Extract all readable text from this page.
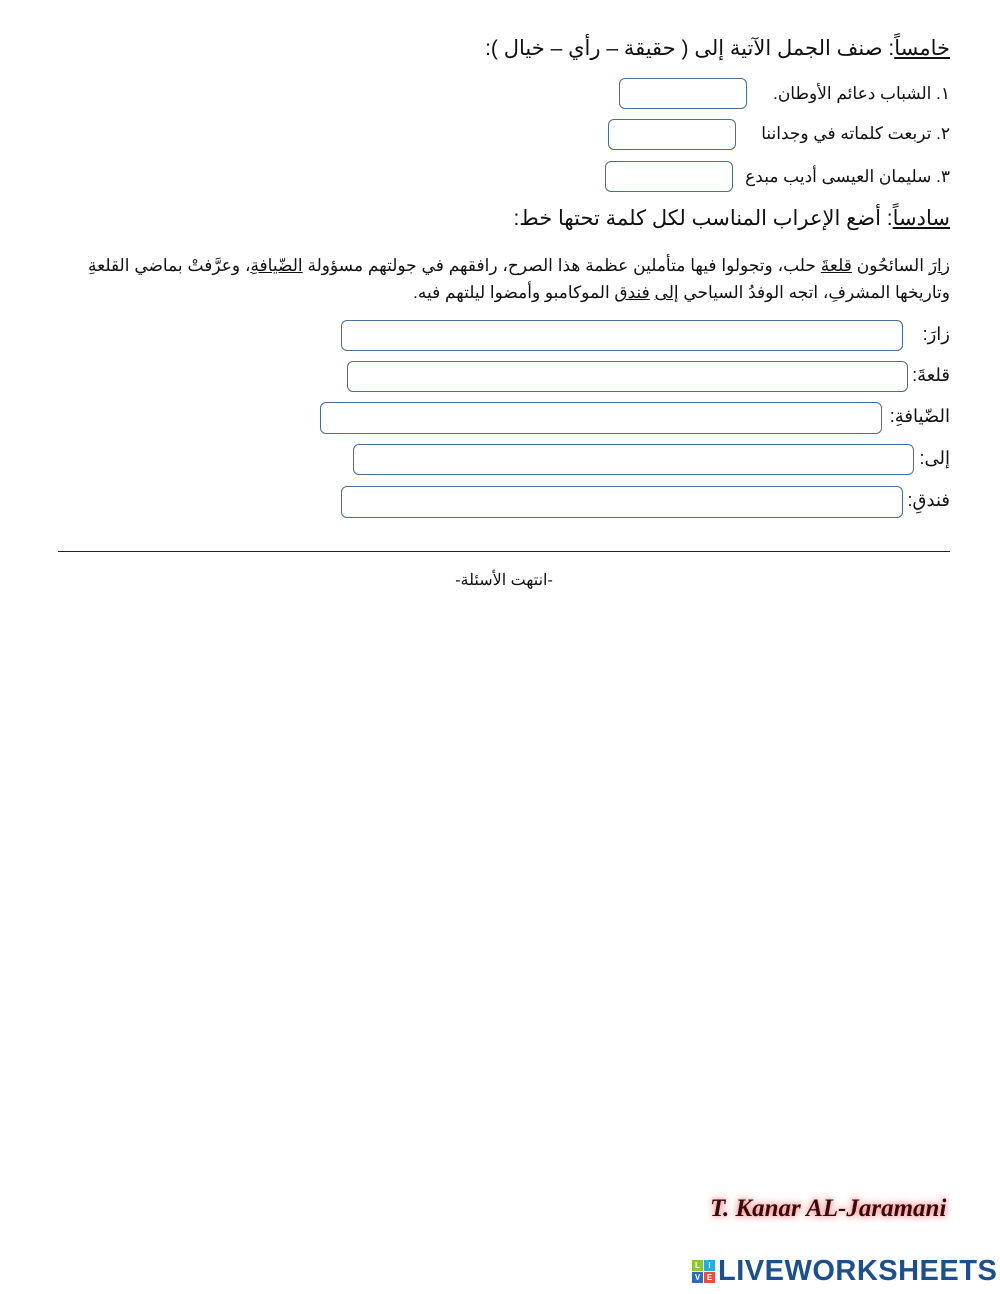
خامساً: صنف الجمل الآتية إلى ( حقيقة – رأي – خيال ):
١. الشباب دعائم الأوطان.
٢. تربعت كلماته في وجداننا
٣. سليمان العيسى أديب مبدع
سادساً: أضع الإعراب المناسب لكل كلمة تحتها خط:
زارَ السائحُون قلعةَ حلب، وتجولوا فيها متأملين عظمة هذا الصرح، رافقهم في جولتهم مسؤولة الضّيافةِ، وعرَّفتْ بماضي القلعةِ وتاريخها المشرفِ، اتجه الوفدُ السياحي إلى فندق الموكامبو وأمضوا ليلتهم فيه.
زارَ:
قلعةَ:
الضّيافةِ:
إلى:
فندقِ:
-انتهت الأسئلة-
T. Kanar AL-Jaramani
L	I
V E LIVEWORKSHEETS
